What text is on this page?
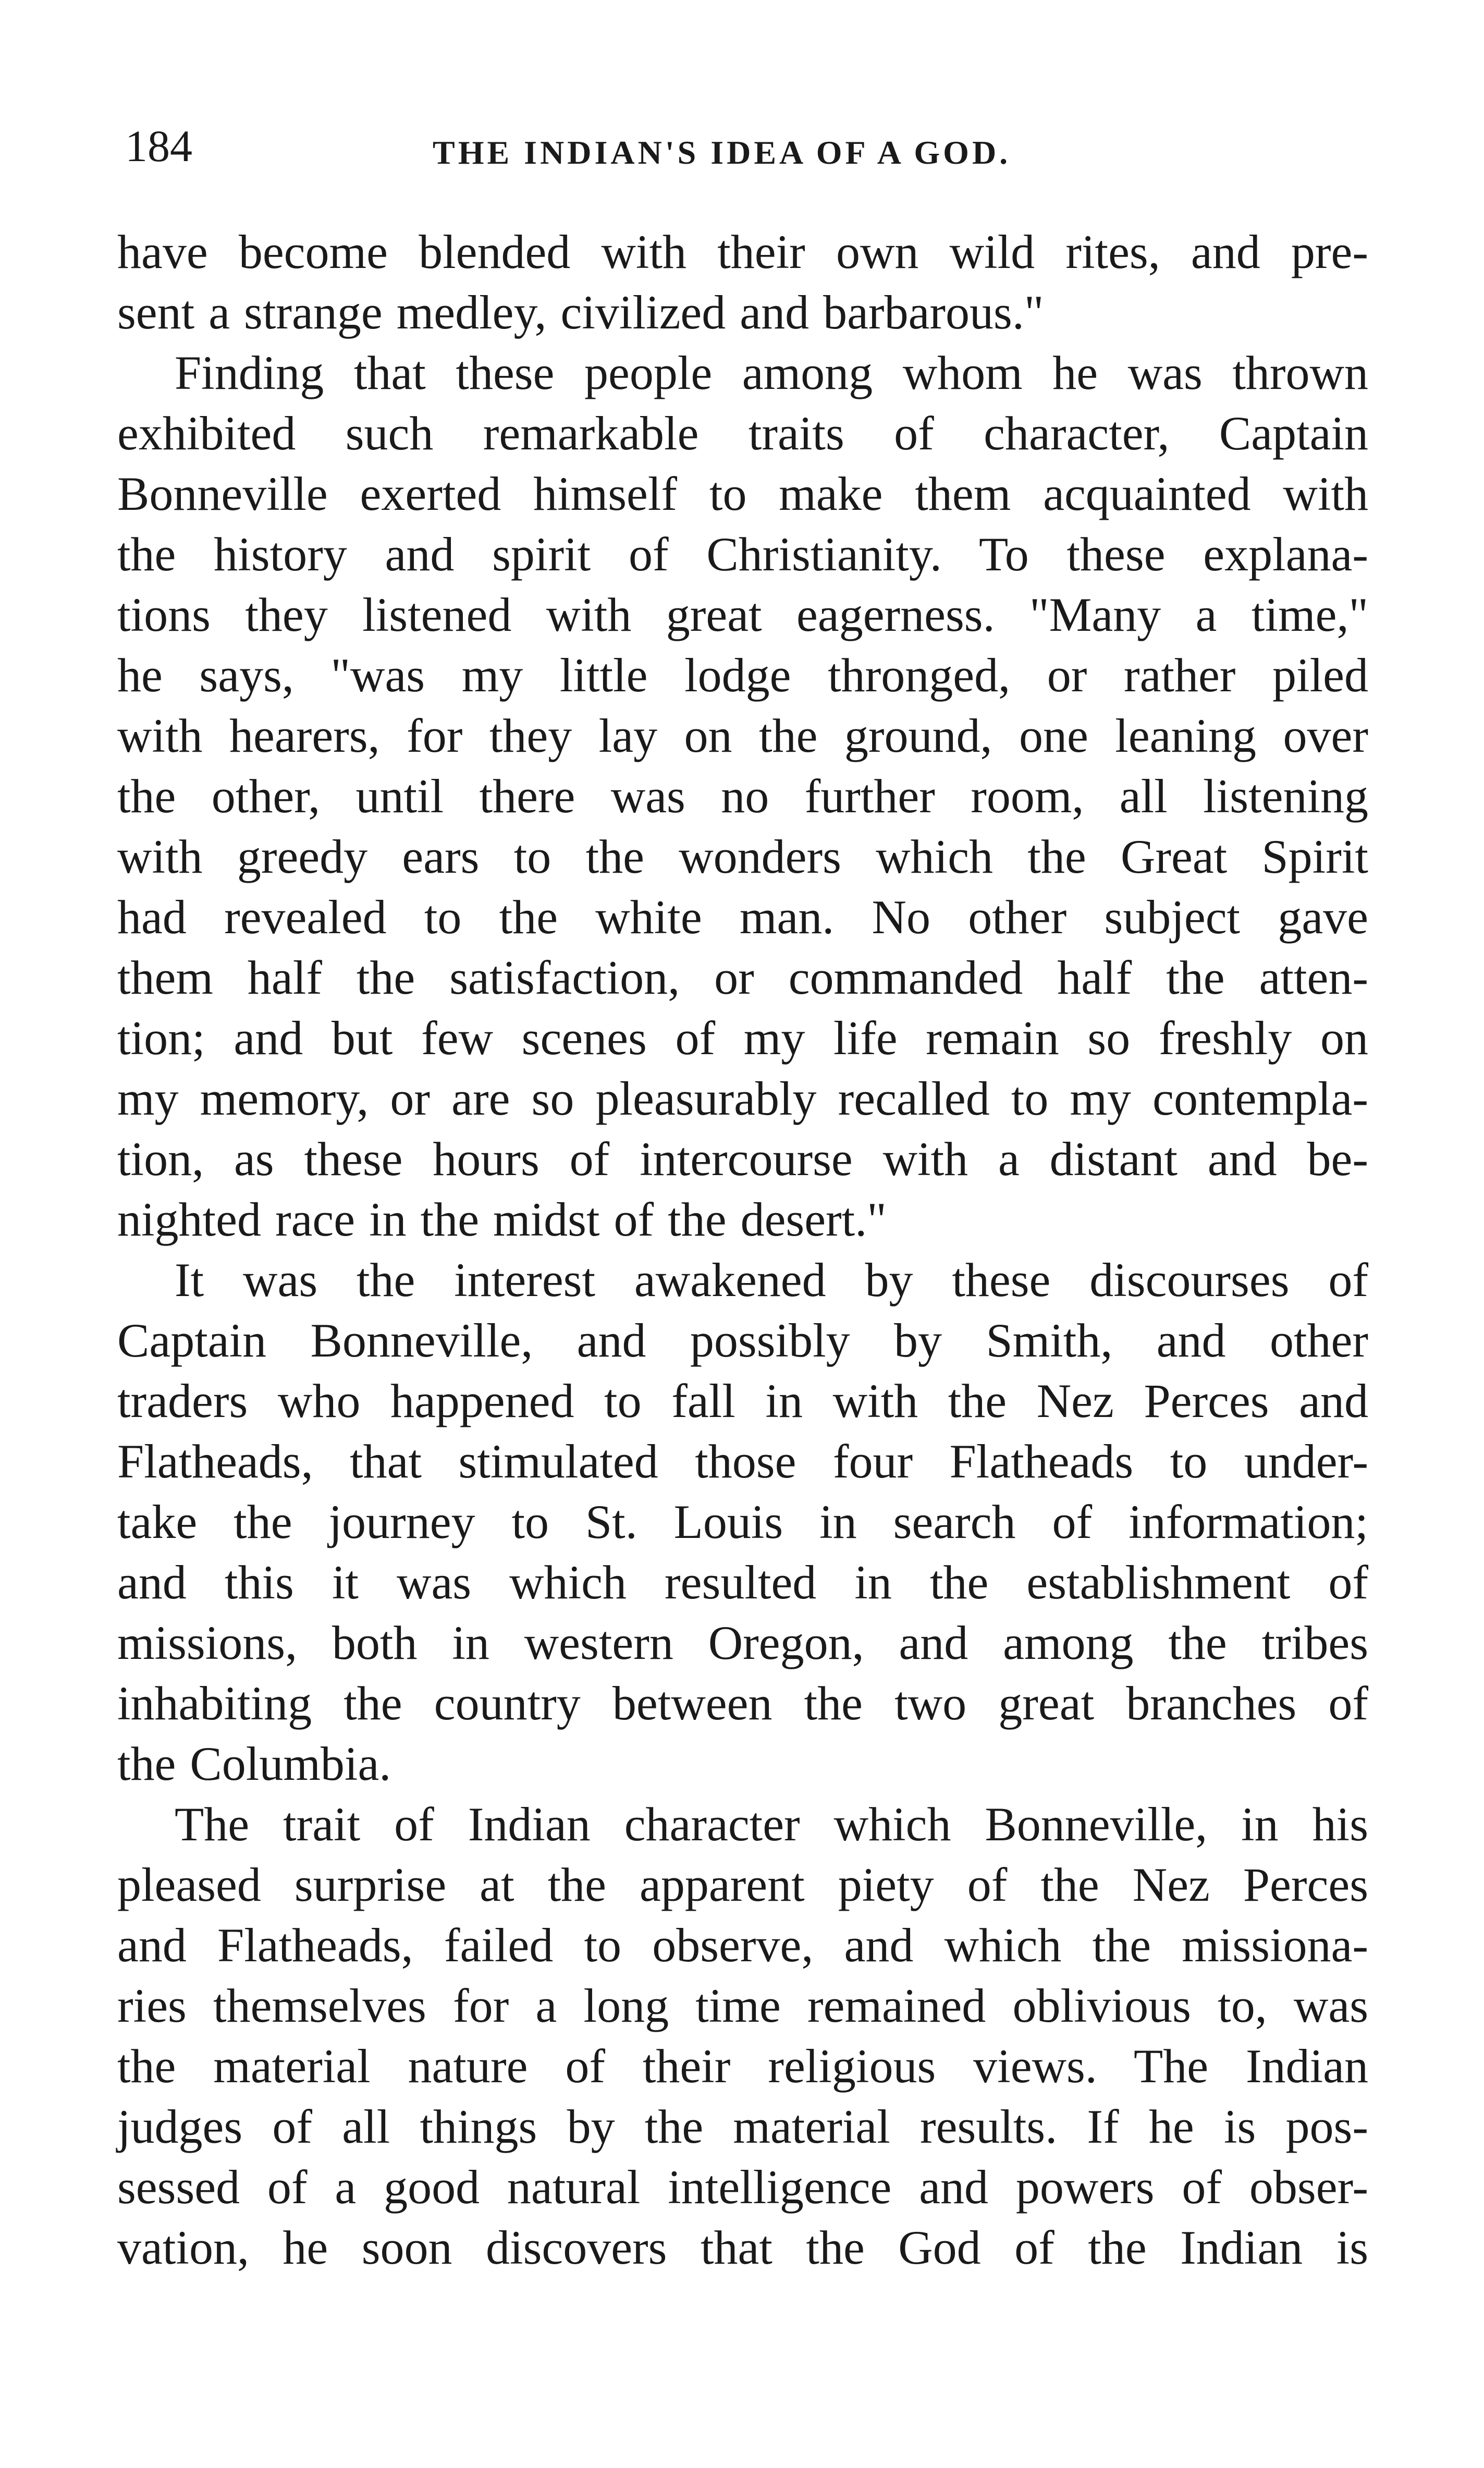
184	THE INDIAN'S IDEA OF A GOD.
have become blended with their own wild rites, and pre-
sent a strange medley, civilized and barbarous."
Finding that these people among whom he was thrown
exhibited such remarkable traits of character, Captain
Bonneville exerted himself to make them acquainted with
the history and spirit of Christianity. To these explana-
tions they listened with great eagerness. "Many a time,"
he says, "was my little lodge thronged, or rather piled
with hearers, for they lay on the ground, one leaning over
the other, until there was no further room, all listening
with greedy ears to the wonders which the Great Spirit
had revealed to the white man. No other subject gave
them half the satisfaction, or commanded half the atten-
tion; and but few scenes of my life remain so freshly on
my memory, or are so pleasurably recalled to my contempla-
tion, as these hours of intercourse with a distant and be-
nighted race in the midst of the desert."
It was the interest awakened by these discourses of
Captain Bonneville, and possibly by Smith, and other
traders who happened to fall in with the Nez Perces and
Flatheads, that stimulated those four Flatheads to under-
take the journey to St. Louis in search of information;
and this it was which resulted in the establishment of
missions, both in western Oregon, and among the tribes
inhabiting the country between the two great branches of
the Columbia.
The trait of Indian character which Bonneville, in his
pleased surprise at the apparent piety of the Nez Perces
and Flatheads, failed to observe, and which the missiona-
ries themselves for a long time remained oblivious to, was
the material nature of their religious views. The Indian
judges of all things by the material results. If he is pos-
sessed of a good natural intelligence and powers of obser-
vation, he soon discovers that the God of the Indian is
